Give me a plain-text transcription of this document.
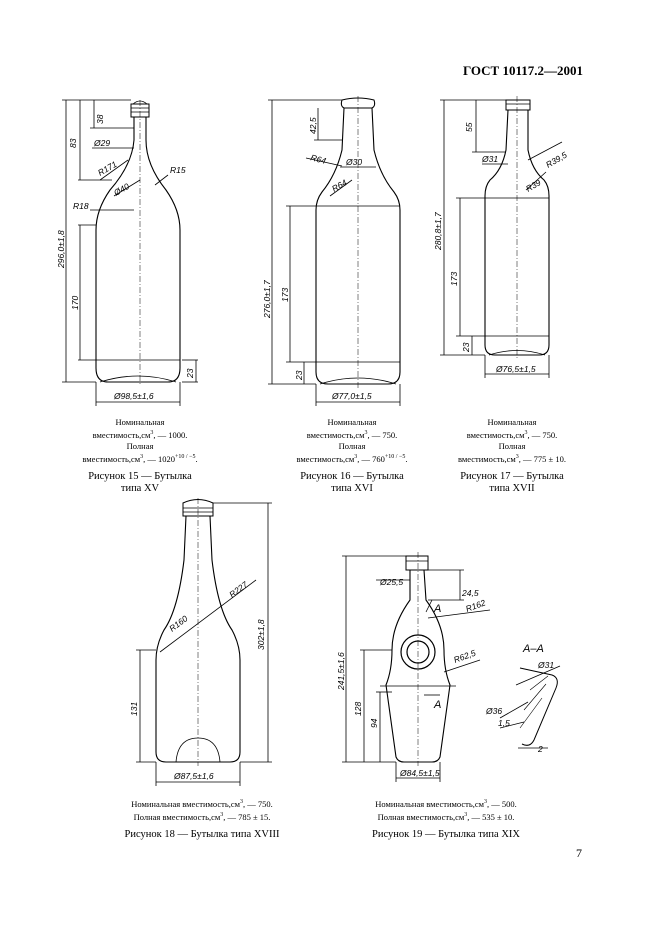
ГОСТ 10117.2—2001
83
38
Ø29
R171	R15
Ø40
R18
296,0±1,8
170
23
Ø98,5±1,6
42,5
R64 Ø30
R64
276,0±1,7 173
23
Ø77,0±1,5
55
Ø31	R39,5
R39
280,8±1,7
173
23
Ø76,5±1,5
R227
R160	302±1,8
131
Ø87,5±1,6
Ø25,5
24,5
А	R162
241,5±1,6	R62,5
128
94
А
Ø84,5±1,5
А–А
Ø31
Ø36
1,5
2
Номинальная
$вместимость,см^3$, — 1000.
Полная
$вместимость,см^3$, — $1020^{+10 / -5}$.
Рисунок 15 — Бутылка
типа XV
Номинальная
$вместимость,см^3$, — 750.
Полная
$вместимость,см^3$, — $760^{+10 / -5}$.
Рисунок 16 — Бутылка
типа XVI
Номинальная
$вместимость,см^3$, — 750.
Полная
$вместимость,см^3$, — 775 ± 10.
Рисунок 17 — Бутылка
типа XVII
Номинальная $вместимость,см^3$, — 750.
Полная $вместимость,см^3$, — 785 ± 15.
Рисунок 18 — Бутылка типа XVIII
Номинальная $вместимость,см^3$, — 500.
Полная $вместимость,см^3$, — 535 ± 10.
Рисунок 19 — Бутылка типа XIX
7
